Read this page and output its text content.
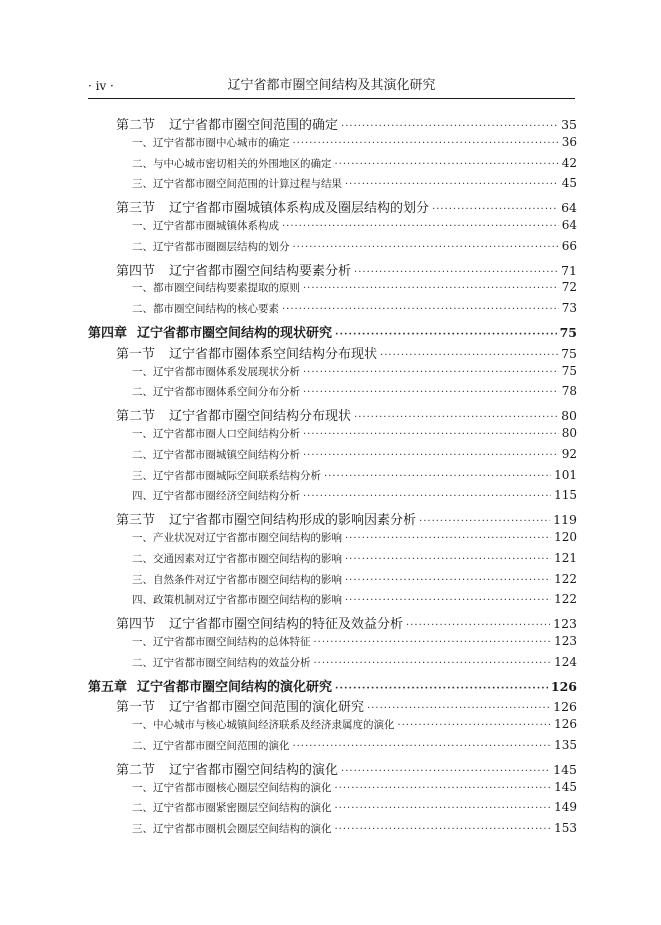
· iv ·	辽宁省都市圈空间结构及其演化研究
第二节 辽宁省都市圈空间范围的确定 ·····	35
一、辽宁省都市圈中心城市的确定 ·····	36
二、与中心城市密切相关的外围地区的确定 ·····	42
三、辽宁省都市圈空间范围的计算过程与结果 ·····	45
第三节 辽宁省都市圈城镇体系构成及圈层结构的划分 ·····	64
一、辽宁省都市圈城镇体系构成 ·····	64
二、辽宁省都市圈圈层结构的划分 ·····	66
第四节 辽宁省都市圈空间结构要素分析 ·····	71
一、都市圈空间结构要素提取的原则 ·····	72
二、都市圈空间结构的核心要素 ·····	73
第四章 辽宁省都市圈空间结构的现状研究 ·····	75
第一节 辽宁省都市圈体系空间结构分布现状 ·····	75
一、辽宁省都市圈体系发展现状分析 ·····	75
二、辽宁省都市圈体系空间分布分析 ·····	78
第二节 辽宁省都市圈空间结构分布现状 ·····	80
一、辽宁省都市圈人口空间结构分析 ·····	80
二、辽宁省都市圈城镇空间结构分析 ·····	92
三、辽宁省都市圈城际空间联系结构分析 ·····	101
四、辽宁省都市圈经济空间结构分析 ·····	115
第三节 辽宁省都市圈空间结构形成的影响因素分析 ·····	119
一、产业状况对辽宁省都市圈空间结构的影响 ·····	120
二、交通因素对辽宁省都市圈空间结构的影响 ·····	121
三、自然条件对辽宁省都市圈空间结构的影响 ·····	122
四、政策机制对辽宁省都市圈空间结构的影响 ·····	122
第四节 辽宁省都市圈空间结构的特征及效益分析 ·····	123
一、辽宁省都市圈空间结构的总体特征 ·····	123
二、辽宁省都市圈空间结构的效益分析 ·····	124
第五章 辽宁省都市圈空间结构的演化研究 ·····	126
第一节 辽宁省都市圈空间范围的演化研究 ·····	126
一、中心城市与核心城镇间经济联系及经济隶属度的演化 ·····	126
二、辽宁省都市圈空间范围的演化 ·····	135
第二节 辽宁省都市圈空间结构的演化 ·····	145
一、辽宁省都市圈核心圈层空间结构的演化 ·····	145
二、辽宁省都市圈紧密圈层空间结构的演化 ·····	149
三、辽宁省都市圈机会圈层空间结构的演化 ·····	153
